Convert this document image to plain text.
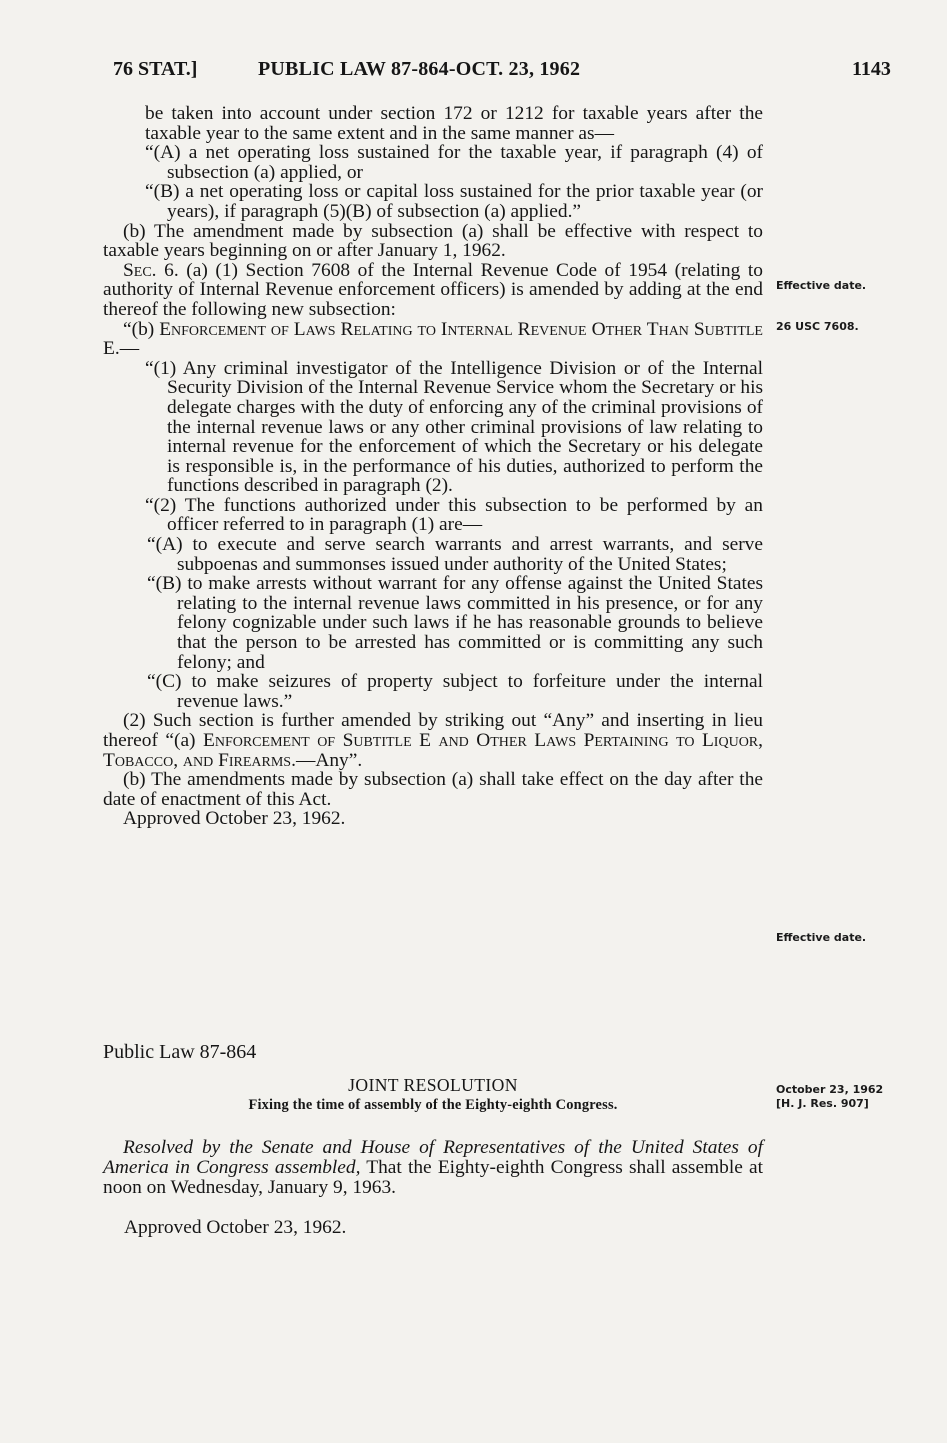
76 STAT.]	PUBLIC LAW 87-864-OCT. 23, 1962	1143

be taken into account under section 172 or 1212 for taxable years after the taxable year to the same extent and in the same manner as—

“(A) a net operating loss sustained for the taxable year, if paragraph (4) of subsection (a) applied, or

“(B) a net operating loss or capital loss sustained for the prior taxable year (or years), if paragraph (5)(B) of subsection (a) applied.”

(b) The amendment made by subsection (a) shall be effective with respect to taxable years beginning on or after January 1, 1962.

Sec. 6. (a) (1) Section 7608 of the Internal Revenue Code of 1954 (relating to authority of Internal Revenue enforcement officers) is amended by adding at the end thereof the following new subsection:

“(b) Enforcement of Laws Relating to Internal Revenue Other Than Subtitle E.—

“(1) Any criminal investigator of the Intelligence Division or of the Internal Security Division of the Internal Revenue Service whom the Secretary or his delegate charges with the duty of enforcing any of the criminal provisions of the internal revenue laws or any other criminal provisions of law relating to internal revenue for the enforcement of which the Secretary or his delegate is responsible is, in the performance of his duties, authorized to perform the functions described in paragraph (2).

“(2) The functions authorized under this subsection to be performed by an officer referred to in paragraph (1) are—

“(A) to execute and serve search warrants and arrest warrants, and serve subpoenas and summonses issued under authority of the United States;

“(B) to make arrests without warrant for any offense against the United States relating to the internal revenue laws committed in his presence, or for any felony cognizable under such laws if he has reasonable grounds to believe that the person to be arrested has committed or is committing any such felony; and

“(C) to make seizures of property subject to forfeiture under the internal revenue laws.”

(2) Such section is further amended by striking out “Any” and inserting in lieu thereof “(a) Enforcement of Subtitle E and Other Laws Pertaining to Liquor, Tobacco, and Firearms.—Any”.

(b) The amendments made by subsection (a) shall take effect on the day after the date of enactment of this Act.

Approved October 23, 1962.

Effective date.
26 USC 7608.
Effective date.
October 23, 1962
[H. J. Res. 907]
Public Law 87-864
JOINT RESOLUTION
Fixing the time of assembly of the Eighty-eighth Congress.

Resolved by the Senate and House of Representatives of the United States of America in Congress assembled, That the Eighty-eighth Congress shall assemble at noon on Wednesday, January 9, 1963.

Approved October 23, 1962.
